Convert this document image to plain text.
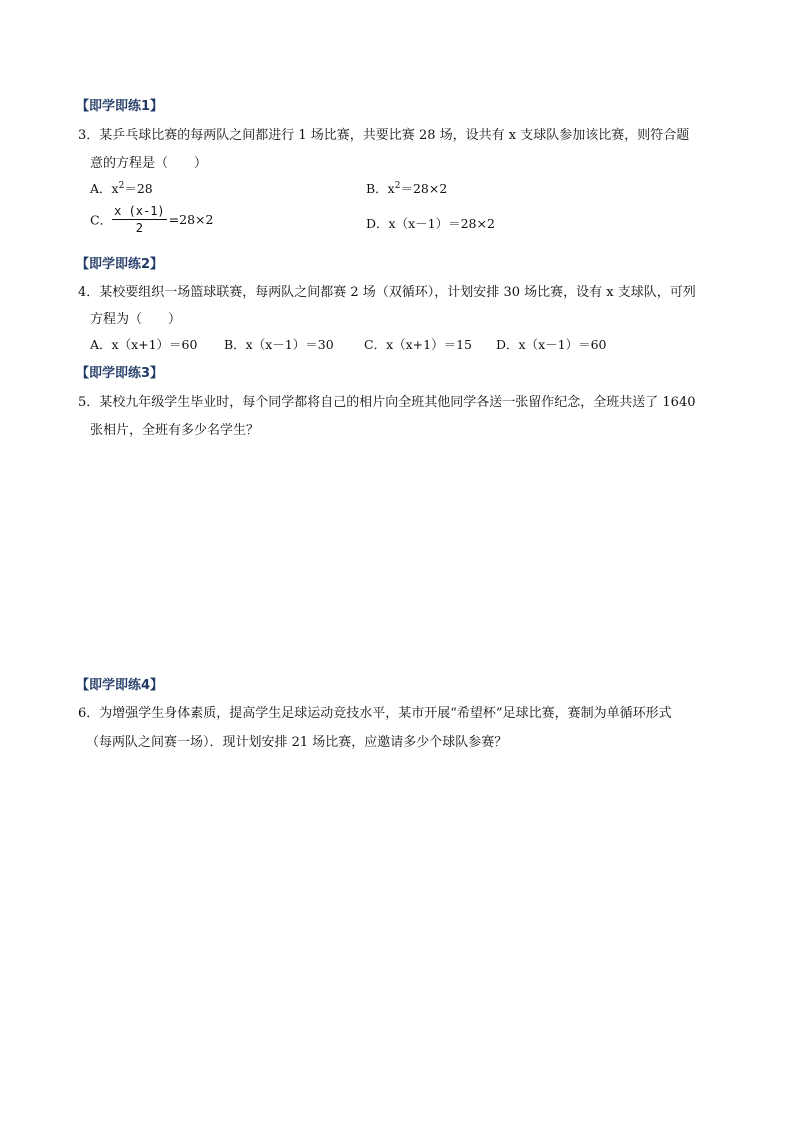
【即学即练1】
3．某乒乓球比赛的每两队之间都进行 1 场比赛，共要比赛 28 场，设共有 x 支球队参加该比赛，则符合题
意的方程是（　　）
A．$x^2=28$	B．$x^2=28\times 2$
C． $\frac{x (x-1)}{2} =28\times 2$	D．x（x－1）＝28×2
【即学即练2】
4．某校要组织一场篮球联赛，每两队之间都赛 2 场（双循环），计划安排 30 场比赛，设有 x 支球队，可列
方程为（　　）
A．x（x+1）＝60 B．x（x－1）＝30 C．x（x+1）＝15 D．x（x－1）＝60
【即学即练3】
5．某校九年级学生毕业时，每个同学都将自己的相片向全班其他同学各送一张留作纪念，全班共送了 1640
张相片，全班有多少名学生？
【即学即练4】
6．为增强学生身体素质，提高学生足球运动竞技水平，某市开展“希望杯”足球比赛，赛制为单循环形式
（每两队之间赛一场）．现计划安排 21 场比赛，应邀请多少个球队参赛？
